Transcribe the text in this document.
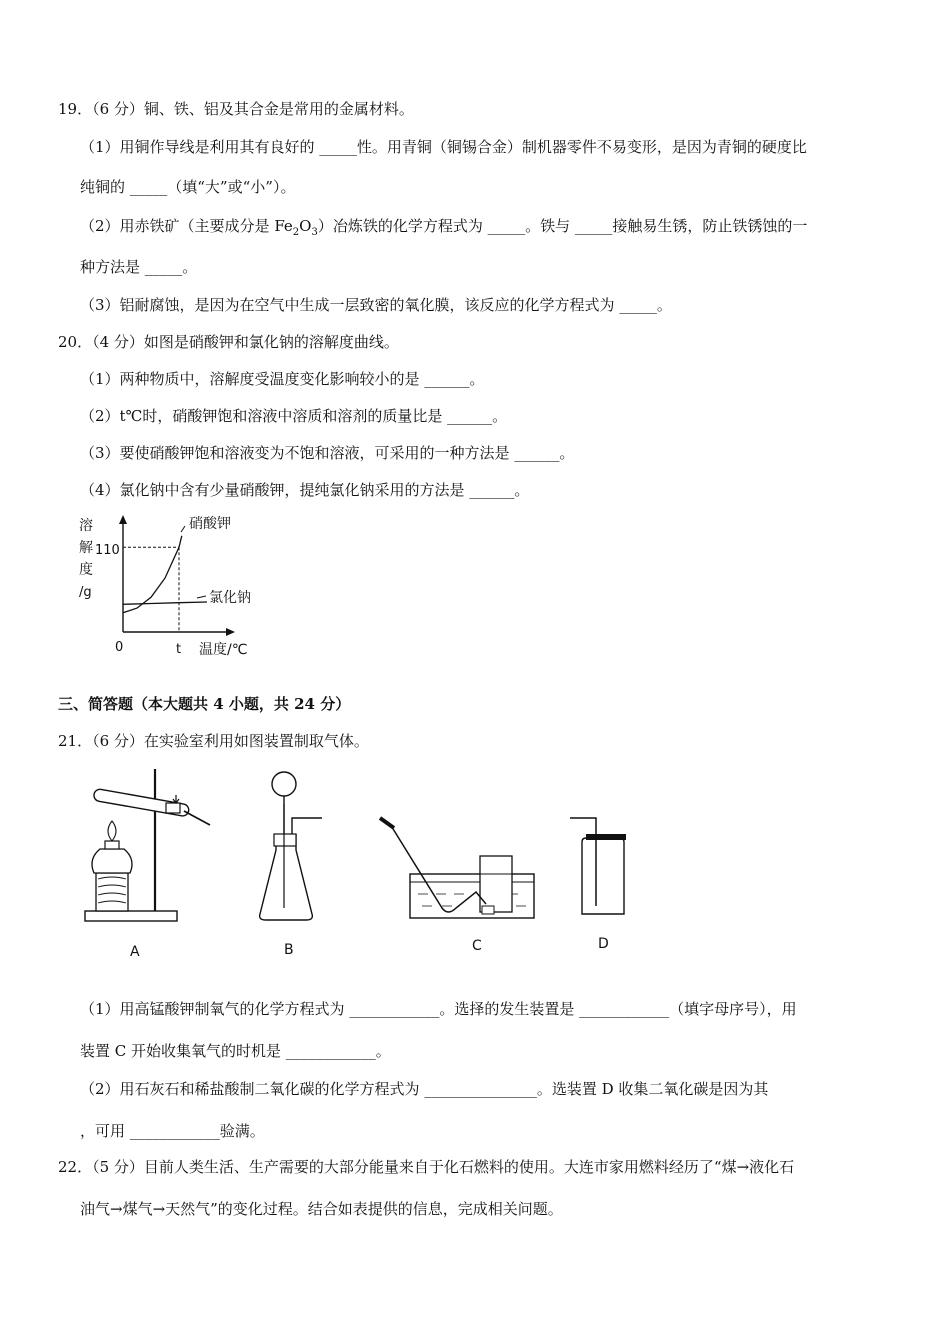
19．（6 分）铜、铁、铝及其合金是常用的金属材料。
（1）用铜作导线是利用其有良好的 _____性。用青铜（铜锡合金）制机器零件不易变形，是因为青铜的硬度比
纯铜的 _____（填“大”或“小”）。
（2）用赤铁矿（主要成分是 $Fe_2O_3$）冶炼铁的化学方程式为 _____。铁与 _____接触易生锈，防止铁锈蚀的一
种方法是 _____。
（3）铝耐腐蚀，是因为在空气中生成一层致密的氧化膜，该反应的化学方程式为 _____。
20．（4 分）如图是硝酸钾和氯化钠的溶解度曲线。
（1）两种物质中，溶解度受温度变化影响较小的是 ______。
（2）t℃时，硝酸钾饱和溶液中溶质和溶剂的质量比是 ______。
（3）要使硝酸钾饱和溶液变为不饱和溶液，可采用的一种方法是 ______。
（4）氯化钠中含有少量硝酸钾，提纯氯化钠采用的方法是 ______。
溶
解
度
/g
110
0	t 温度/℃
硝酸钾
氯化钠
三、简答题（本大题共 4 小题，共 24 分）
21．（6 分）在实验室利用如图装置制取气体。
A	B	C	D
（1）用高锰酸钾制氧气的化学方程式为 ____________。选择的发生装置是 ____________（填字母序号），用
装置 C 开始收集氧气的时机是 ____________。
（2）用石灰石和稀盐酸制二氧化碳的化学方程式为 _______________。选装置 D 收集二氧化碳是因为其
，可用 ____________验满。
22．（5 分）目前人类生活、生产需要的大部分能量来自于化石燃料的使用。大连市家用燃料经历了“煤→液化石
油气→煤气→天然气”的变化过程。结合如表提供的信息，完成相关问题。
